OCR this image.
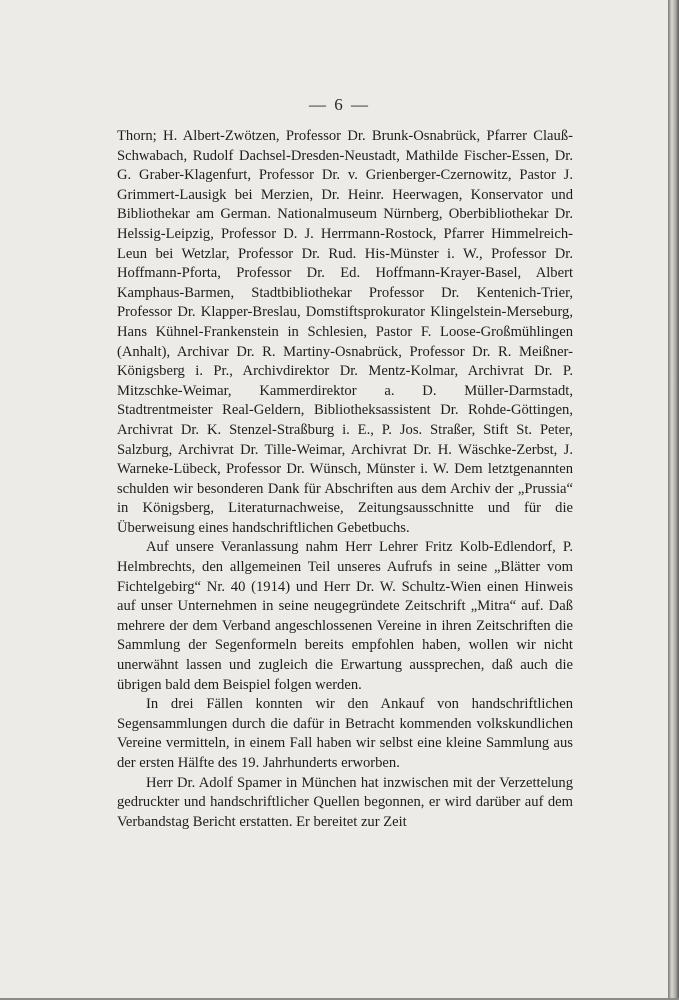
— 6 —

Thorn; H. Albert-Zwötzen, Professor Dr. Brunk-Osnabrück, Pfarrer Clauß-Schwabach, Rudolf Dachsel-Dresden-Neustadt, Mathilde Fischer-Essen, Dr. G. Graber-Klagenfurt, Professor Dr. v. Grienberger-Czernowitz, Pastor J. Grimmert-Lausigk bei Merzien, Dr. Heinr. Heerwagen, Konservator und Bibliothekar am German. Nationalmuseum Nürnberg, Oberbibliothekar Dr. Helssig-Leipzig, Professor D. J. Herrmann-Rostock, Pfarrer Himmelreich-Leun bei Wetzlar, Professor Dr. Rud. His-Münster i. W., Professor Dr. Hoffmann-Pforta, Professor Dr. Ed. Hoffmann-Krayer-Basel, Albert Kamphaus-Barmen, Stadtbibliothekar Professor Dr. Kentenich-Trier, Professor Dr. Klapper-Breslau, Domstiftsprokurator Klingelstein-Merseburg, Hans Kühnel-Frankenstein in Schlesien, Pastor F. Loose-Großmühlingen (Anhalt), Archivar Dr. R. Martiny-Osnabrück, Professor Dr. R. Meißner-Königsberg i. Pr., Archivdirektor Dr. Mentz-Kolmar, Archivrat Dr. P. Mitzschke-Weimar, Kammerdirektor a. D. Müller-Darmstadt, Stadtrentmeister Real-Geldern, Bibliotheksassistent Dr. Rohde-Göttingen, Archivrat Dr. K. Stenzel-Straßburg i. E., P. Jos. Straßer, Stift St. Peter, Salzburg, Archivrat Dr. Tille-Weimar, Archivrat Dr. H. Wäschke-Zerbst, J. Warneke-Lübeck, Professor Dr. Wünsch, Münster i. W. Dem letztgenannten schulden wir besonderen Dank für Abschriften aus dem Archiv der „Prussia“ in Königsberg, Literaturnachweise, Zeitungsausschnitte und für die Überweisung eines handschriftlichen Gebetbuchs.

Auf unsere Veranlassung nahm Herr Lehrer Fritz Kolb-Edlendorf, P. Helmbrechts, den allgemeinen Teil unseres Aufrufs in seine „Blätter vom Fichtelgebirg“ Nr. 40 (1914) und Herr Dr. W. Schultz-Wien einen Hinweis auf unser Unternehmen in seine neugegründete Zeitschrift „Mitra“ auf. Daß mehrere der dem Verband angeschlossenen Vereine in ihren Zeitschriften die Sammlung der Segenformeln bereits empfohlen haben, wollen wir nicht unerwähnt lassen und zugleich die Erwartung aussprechen, daß auch die übrigen bald dem Beispiel folgen werden.

In drei Fällen konnten wir den Ankauf von handschriftlichen Segensammlungen durch die dafür in Betracht kommenden volkskundlichen Vereine vermitteln, in einem Fall haben wir selbst eine kleine Sammlung aus der ersten Hälfte des 19. Jahrhunderts erworben.

Herr Dr. Adolf Spamer in München hat inzwischen mit der Verzettelung gedruckter und handschriftlicher Quellen begonnen, er wird darüber auf dem Verbandstag Bericht erstatten. Er bereitet zur Zeit
